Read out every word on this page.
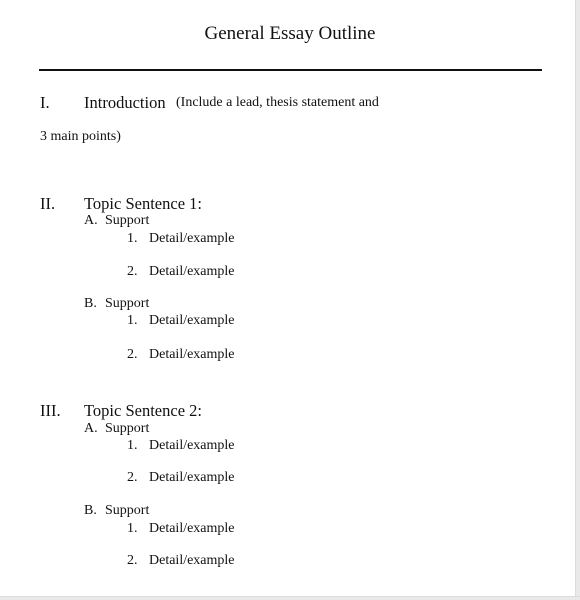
General Essay Outline
I. Introduction (Include a lead, thesis statement and
3 main points)
II. Topic Sentence 1:
A. Support
1. Detail/example
2. Detail/example
B. Support
1. Detail/example
2. Detail/example
III. Topic Sentence 2:
A. Support
1. Detail/example
2. Detail/example
B. Support
1. Detail/example
2. Detail/example
